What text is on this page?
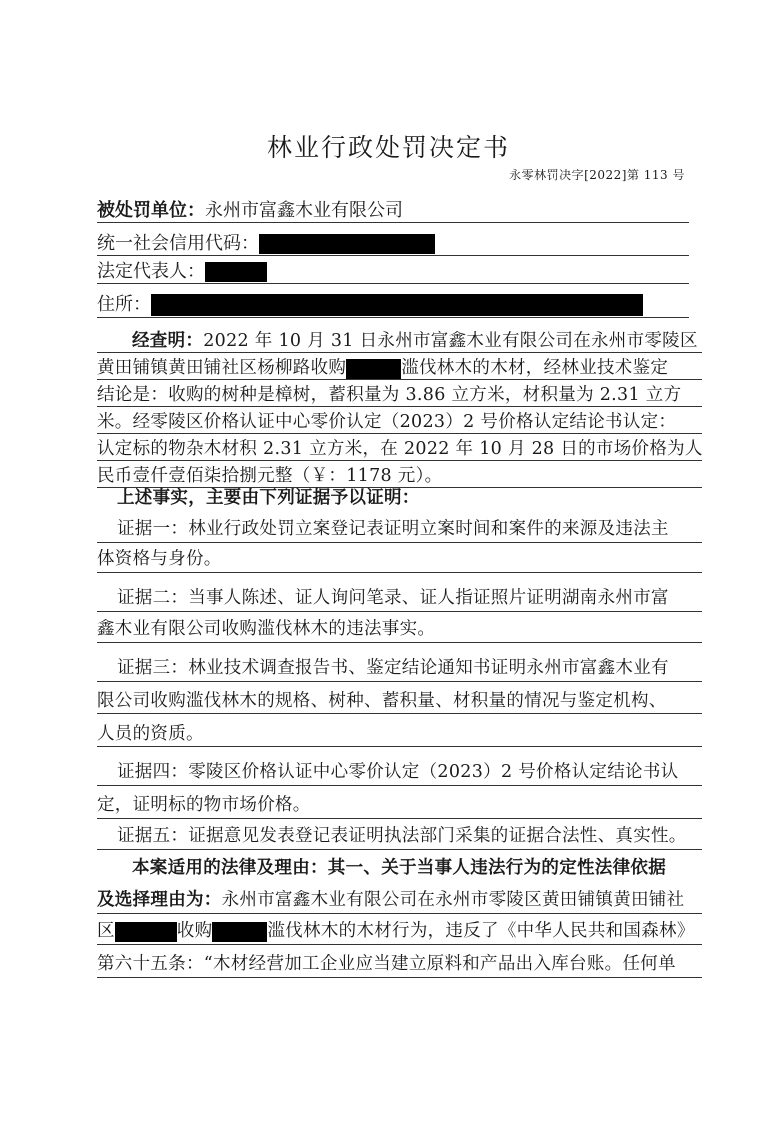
林业行政处罚决定书
永零林罚决字[2022]第 113 号
被处罚单位：永州市富鑫木业有限公司
统一社会信用代码：
法定代表人：
住所：
经查明：2022 年 10 月 31 日永州市富鑫木业有限公司在永州市零陵区
黄田铺镇黄田铺社区杨柳路收购	滥伐林木的木材，经林业技术鉴定
结论是：收购的树种是樟树，蓄积量为 3.86 立方米，材积量为 2.31 立方
米。经零陵区价格认证中心零价认定（2023）2 号价格认定结论书认定：
认定标的物杂木材积 2.31 立方米，在 2022 年 10 月 28 日的市场价格为人
民币壹仟壹佰柒拾捌元整（￥：1178 元）。
上述事实，主要由下列证据予以证明：
证据一：林业行政处罚立案登记表证明立案时间和案件的来源及违法主
体资格与身份。
证据二：当事人陈述、证人询问笔录、证人指证照片证明湖南永州市富
鑫木业有限公司收购滥伐林木的违法事实。
证据三：林业技术调查报告书、鉴定结论通知书证明永州市富鑫木业有
限公司收购滥伐林木的规格、树种、蓄积量、材积量的情况与鉴定机构、
人员的资质。
证据四：零陵区价格认证中心零价认定（2023）2 号价格认定结论书认
定，证明标的物市场价格。
证据五：证据意见发表登记表证明执法部门采集的证据合法性、真实性。
本案适用的法律及理由：其一、关于当事人违法行为的定性法律依据
及选择理由为：永州市富鑫木业有限公司在永州市零陵区黄田铺镇黄田铺社
区	收购	滥伐林木的木材行为，违反了《中华人民共和国森林》
第六十五条：“木材经营加工企业应当建立原料和产品出入库台账。任何单
